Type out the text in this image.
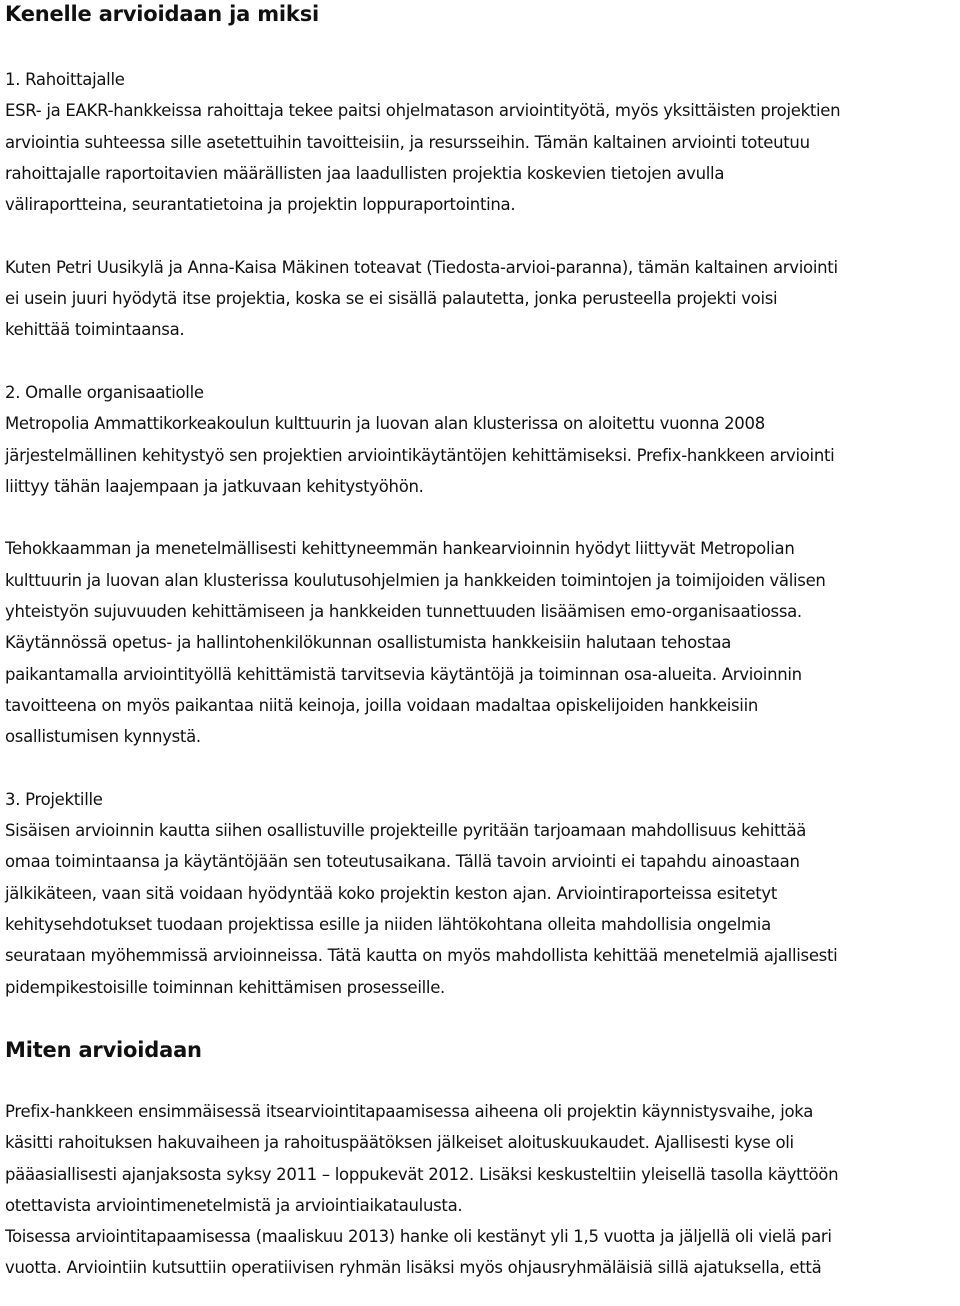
Kenelle arvioidaan ja miksi
1. Rahoittajalle
ESR- ja EAKR-hankkeissa rahoittaja tekee paitsi ohjelmatason arviointityötä, myös yksittäisten projektien
arviointia suhteessa sille asetettuihin tavoitteisiin, ja resursseihin. Tämän kaltainen arviointi toteutuu
rahoittajalle raportoitavien määrällisten jaa laadullisten projektia koskevien tietojen avulla
väliraportteina, seurantatietoina ja projektin loppuraportointina.
Kuten Petri Uusikylä ja Anna-Kaisa Mäkinen toteavat (Tiedosta-arvioi-paranna), tämän kaltainen arviointi
ei usein juuri hyödytä itse projektia, koska se ei sisällä palautetta, jonka perusteella projekti voisi
kehittää toimintaansa.
2. Omalle organisaatiolle
Metropolia Ammattikorkeakoulun kulttuurin ja luovan alan klusterissa on aloitettu vuonna 2008
järjestelmällinen kehitystyö sen projektien arviointikäytäntöjen kehittämiseksi. Prefix-hankkeen arviointi
liittyy tähän laajempaan ja jatkuvaan kehitystyöhön.
Tehokkaamman ja menetelmällisesti kehittyneemmän hankearvioinnin hyödyt liittyvät Metropolian
kulttuurin ja luovan alan klusterissa koulutusohjelmien ja hankkeiden toimintojen ja toimijoiden välisen
yhteistyön sujuvuuden kehittämiseen ja hankkeiden tunnettuuden lisäämisen emo-organisaatiossa.
Käytännössä opetus- ja hallintohenkilökunnan osallistumista hankkeisiin halutaan tehostaa
paikantamalla arviointityöllä kehittämistä tarvitsevia käytäntöjä ja toiminnan osa-alueita. Arvioinnin
tavoitteena on myös paikantaa niitä keinoja, joilla voidaan madaltaa opiskelijoiden hankkeisiin
osallistumisen kynnystä.
3. Projektille
Sisäisen arvioinnin kautta siihen osallistuville projekteille pyritään tarjoamaan mahdollisuus kehittää
omaa toimintaansa ja käytäntöjään sen toteutusaikana. Tällä tavoin arviointi ei tapahdu ainoastaan
jälkikäteen, vaan sitä voidaan hyödyntää koko projektin keston ajan. Arviointiraporteissa esitetyt
kehitysehdotukset tuodaan projektissa esille ja niiden lähtökohtana olleita mahdollisia ongelmia
seurataan myöhemmissä arvioinneissa. Tätä kautta on myös mahdollista kehittää menetelmiä ajallisesti
pidempikestoisille toiminnan kehittämisen prosesseille.
Miten arvioidaan
Prefix-hankkeen ensimmäisessä itsearviointitapaamisessa aiheena oli projektin käynnistysvaihe, joka
käsitti rahoituksen hakuvaiheen ja rahoituspäätöksen jälkeiset aloituskuukaudet. Ajallisesti kyse oli
pääasiallisesti ajanjaksosta syksy 2011 – loppukevät 2012. Lisäksi keskusteltiin yleisellä tasolla käyttöön
otettavista arviointimenetelmistä ja arviointiaikataulusta.
Toisessa arviointitapaamisessa (maaliskuu 2013) hanke oli kestänyt yli 1,5 vuotta ja jäljellä oli vielä pari
vuotta. Arviointiin kutsuttiin operatiivisen ryhmän lisäksi myös ohjausryhmäläisiä sillä ajatuksella, että
